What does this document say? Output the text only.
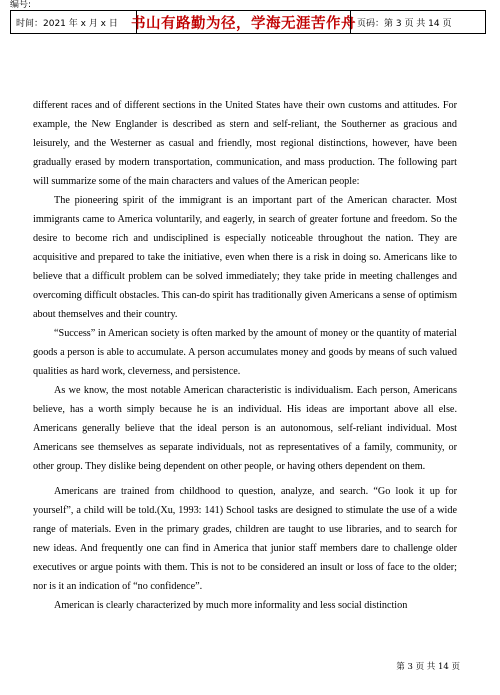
编号:
时间：2021 年 x 月 x 日 书山有路勤为径，学海无涯苦作舟 页码：第 3 页 共 14 页

different races and of different sections in the United States have their own customs and attitudes. For example, the New Englander is described as stern and self-reliant, the Southerner as gracious and leisurely, and the Westerner as casual and friendly, most regional distinctions, however, have been gradually erased by modern transportation, communication, and mass production. The following part will summarize some of the main characters and values of the American people:

The pioneering spirit of the immigrant is an important part of the American character. Most immigrants came to America voluntarily, and eagerly, in search of greater fortune and freedom. So the desire to become rich and undisciplined is especially noticeable throughout the nation. They are acquisitive and prepared to take the initiative, even when there is a risk in doing so. Americans like to believe that a difficult problem can be solved immediately; they take pride in meeting challenges and overcoming difficult obstacles. This can-do spirit has traditionally given Americans a sense of optimism about themselves and their country.

“Success” in American society is often marked by the amount of money or the quantity of material goods a person is able to accumulate. A person accumulates money and goods by means of such valued qualities as hard work, cleverness, and persistence.

As we know, the most notable American characteristic is individualism. Each person, Americans believe, has a worth simply because he is an individual. His ideas are important above all else. Americans generally believe that the ideal person is an autonomous, self-reliant individual. Most Americans see themselves as separate individuals, not as representatives of a family, community, or other group. They dislike being dependent on other people, or having others dependent on them.

Americans are trained from childhood to question, analyze, and search. “Go look it up for yourself”, a child will be told.(Xu, 1993: 141) School tasks are designed to stimulate the use of a wide range of materials. Even in the primary grades, children are taught to use libraries, and to search for new ideas. And frequently one can find in America that junior staff members dare to challenge older executives or argue points with them. This is not to be considered an insult or loss of face to the older; nor is it an indication of “no confidence”.

American is clearly characterized by much more informality and less social distinction

第 3 页 共 14 页
